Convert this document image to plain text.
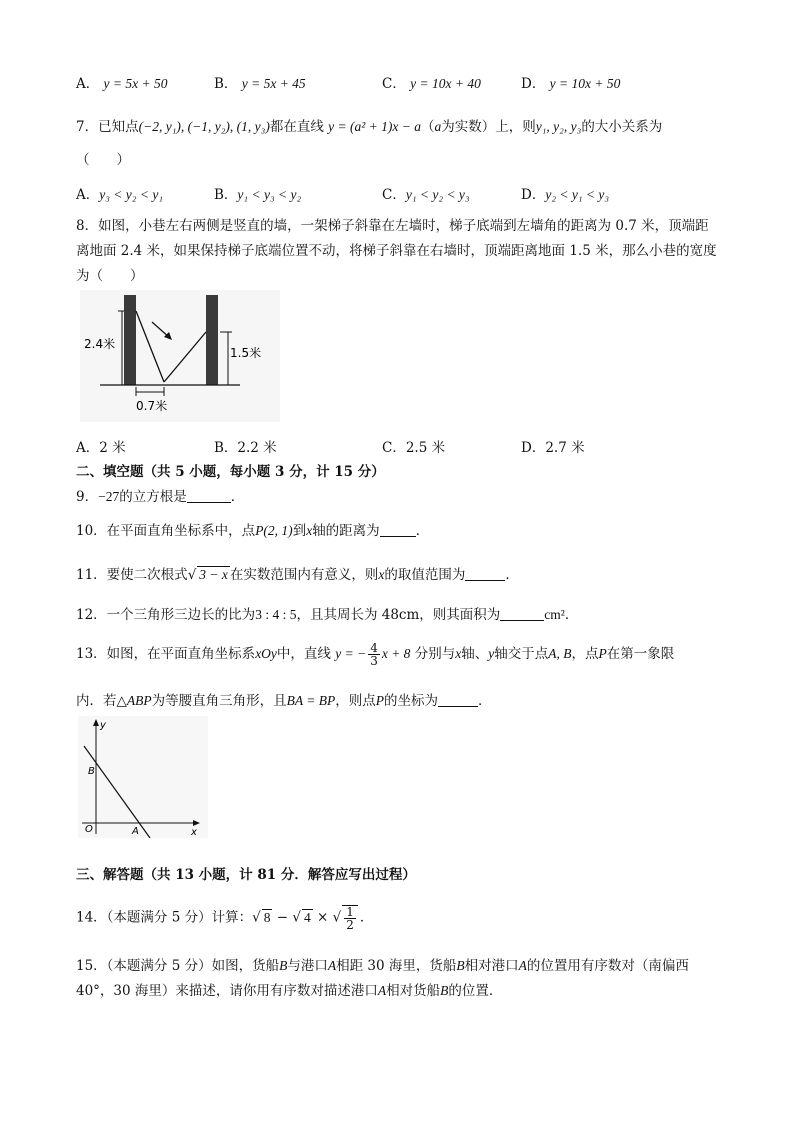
A． y = 5x + 50	B． y = 5x + 45	C． y = 10x + 40	D． y = 10x + 50
7．已知点(−2, y₁), (−1, y₂), (1, y₃)都在直线 y = (a² + 1)x − a（a为实数）上，则y₁, y₂, y₃的大小关系为
（　　）
A．y₃ < y₂ < y₁	B．y₁ < y₃ < y₂	C．y₁ < y₂ < y₃	D．y₂ < y₁ < y₃
8．如图，小巷左右两侧是竖直的墙，一架梯子斜靠在左墙时，梯子底端到左墙角的距离为 0.7 米，顶端距
离地面 2.4 米，如果保持梯子底端位置不动，将梯子斜靠在右墙时，顶端距离地面 1.5 米，那么小巷的宽度
为（　　）
2.4米
1.5米
0.7米
A．2 米	B．2.2 米	C．2.5 米	D．2.7 米
二、填空题（共 5 小题，每小题 3 分，计 15 分）
9．−27的立方根是	．
10．在平面直角坐标系中，点P(2, 1)到x轴的距离为	．
11．要使二次根式√ 3 − x 在实数范围内有意义，则x的取值范围为	．
12．一个三角形三边长的比为3 : 4 : 5，且其周长为 48cm，则其面积为	cm²．
13．如图，在平面直角坐标系xOy中，直线 y = − $\frac{4}{3}$ x + 8 分别与x轴、y轴交于点A, B，点P在第一象限
内．若△ABP为等腰直角三角形，且BA = BP，则点P的坐标为	．
y
x
O	A
B
三、解答题（共 13 小题，计 81 分．解答应写出过程）
14．（本题满分 5 分）计算：√ 8 − √ 4 × √ $\frac{1}{2}$ ．
15．（本题满分 5 分）如图，货船B与港口A相距 30 海里，货船B相对港口A的位置用有序数对（南偏西
40°，30 海里）来描述，请你用有序数对描述港口A相对货船B的位置．
